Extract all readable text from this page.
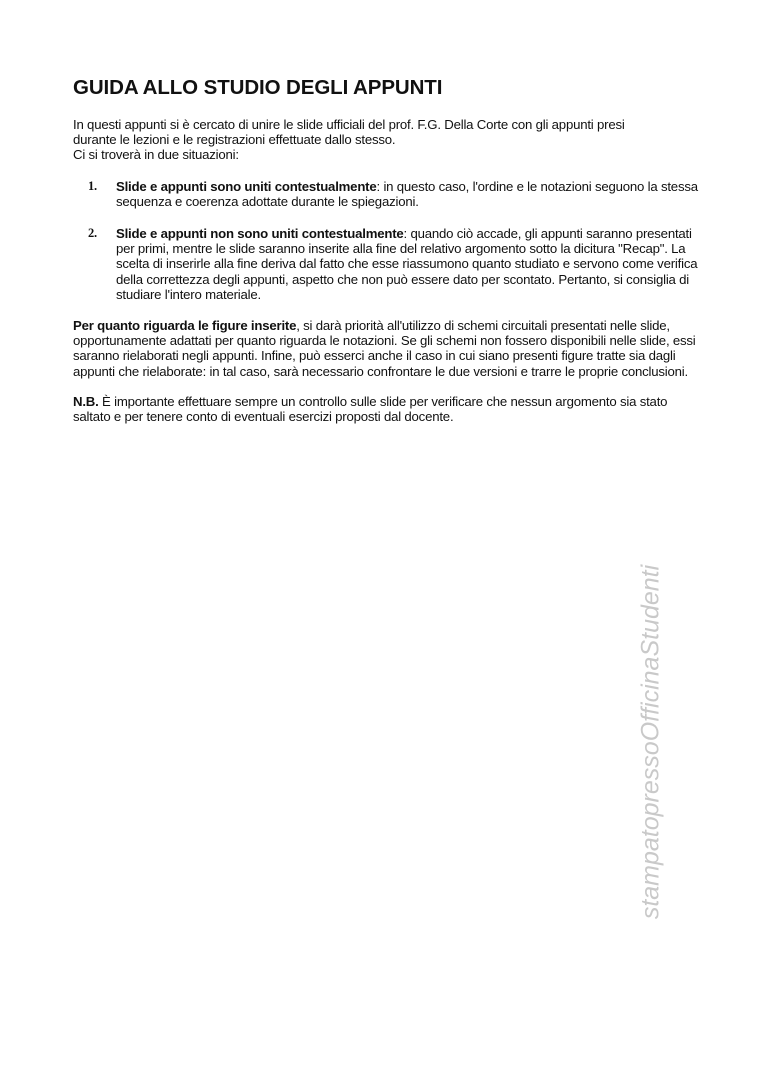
GUIDA ALLO STUDIO DEGLI APPUNTI

In questi appunti si è cercato di unire le slide ufficiali del prof. F.G. Della Corte con gli appunti presi
durante le lezioni e le registrazioni effettuate dallo stesso.
Ci si troverà in due situazioni:

1. Slide e appunti sono uniti contestualmente: in questo caso, l'ordine e le notazioni seguono la stessa sequenza e coerenza adottate durante le spiegazioni.
2. Slide e appunti non sono uniti contestualmente: quando ciò accade, gli appunti saranno presentati per primi, mentre le slide saranno inserite alla fine del relativo argomento sotto la dicitura "Recap". La scelta di inserirle alla fine deriva dal fatto che esse riassumono quanto studiato e servono come verifica della correttezza degli appunti, aspetto che non può essere dato per scontato. Pertanto, si consiglia di studiare l'intero materiale.

Per quanto riguarda le figure inserite, si darà priorità all'utilizzo di schemi circuitali presentati nelle slide, opportunamente adattati per quanto riguarda le notazioni. Se gli schemi non fossero disponibili nelle slide, essi saranno rielaborati negli appunti. Infine, può esserci anche il caso in cui siano presenti figure tratte sia dagli appunti che rielaborate: in tal caso, sarà necessario confrontare le due versioni e trarre le proprie conclusioni.

N.B. È importante effettuare sempre un controllo sulle slide per verificare che nessun argomento sia stato saltato e per tenere conto di eventuali esercizi proposti dal docente.

stampatopressoOfficinaStudenti
